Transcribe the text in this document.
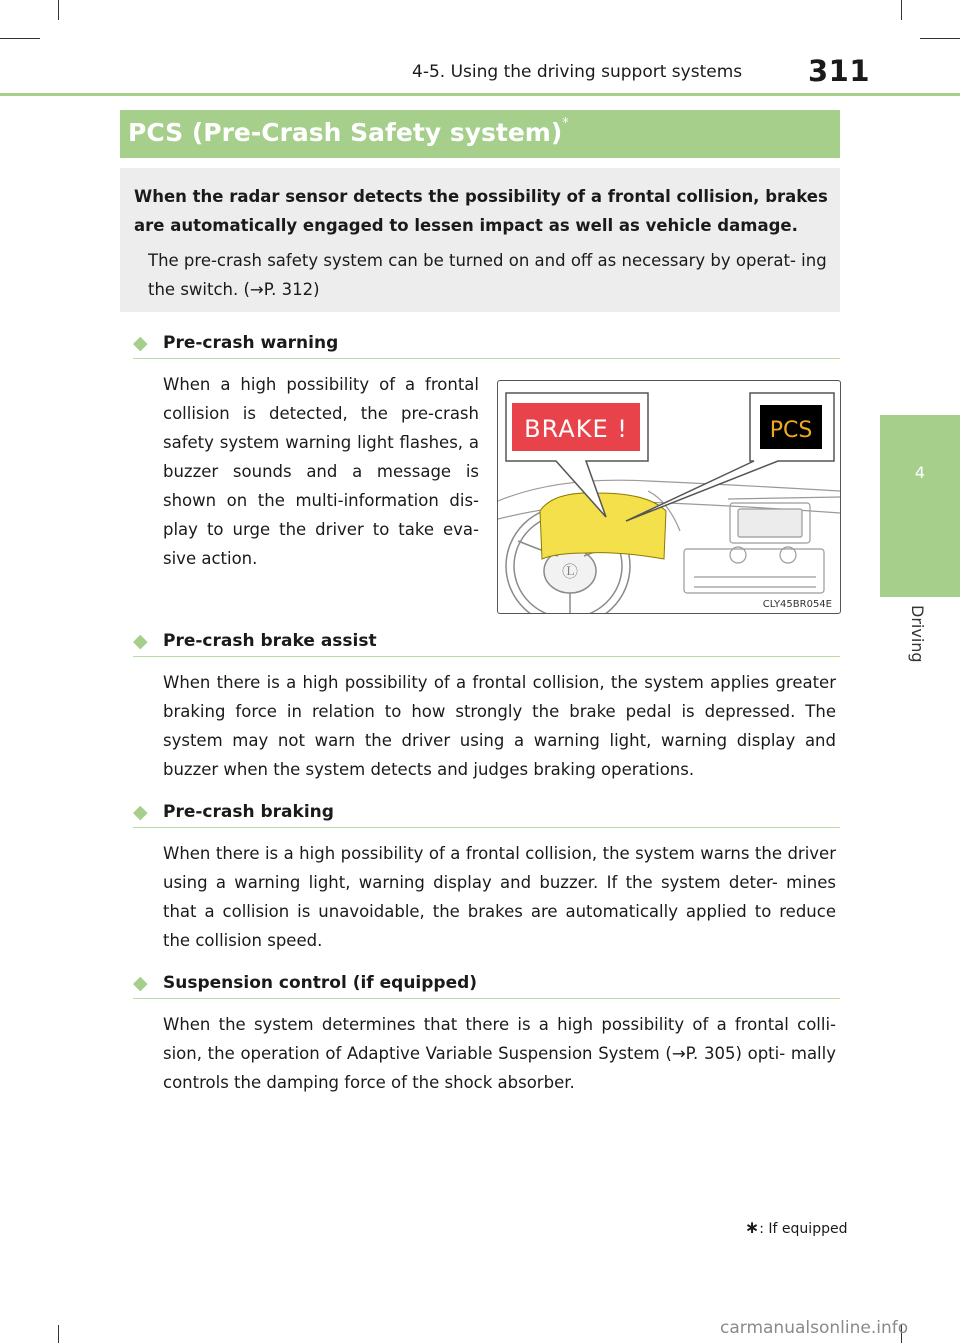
4-5. Using the driving support systems 311
4
Driving
PCS (Pre-Crash Safety system)*
When the radar sensor detects the possibility of a frontal collision, brakes are automatically engaged to lessen impact as well as vehicle damage.
The pre-crash safety system can be turned on and off as necessary by operat- ing the switch. (→P. 312)
◆ Pre-crash warning
When a high possibility of a frontal collision is detected, the pre-crash safety system warning light flashes, a buzzer sounds and a message is shown on the multi-information dis- play to urge the driver to take eva- sive action.
Ⓛ
BRAKE !	PCS
CLY45BR054E
◆ Pre-crash brake assist
When there is a high possibility of a frontal collision, the system applies greater braking force in relation to how strongly the brake pedal is depressed. The system may not warn the driver using a warning light, warning display and buzzer when the system detects and judges braking operations.
◆ Pre-crash braking
When there is a high possibility of a frontal collision, the system warns the driver using a warning light, warning display and buzzer. If the system deter- mines that a collision is unavoidable, the brakes are automatically applied to reduce the collision speed.
◆ Suspension control (if equipped)
When the system determines that there is a high possibility of a frontal colli- sion, the operation of Adaptive Variable Suspension System (→P. 305) opti- mally controls the damping force of the shock absorber.
∗: If equipped
carmanualsonline.info
